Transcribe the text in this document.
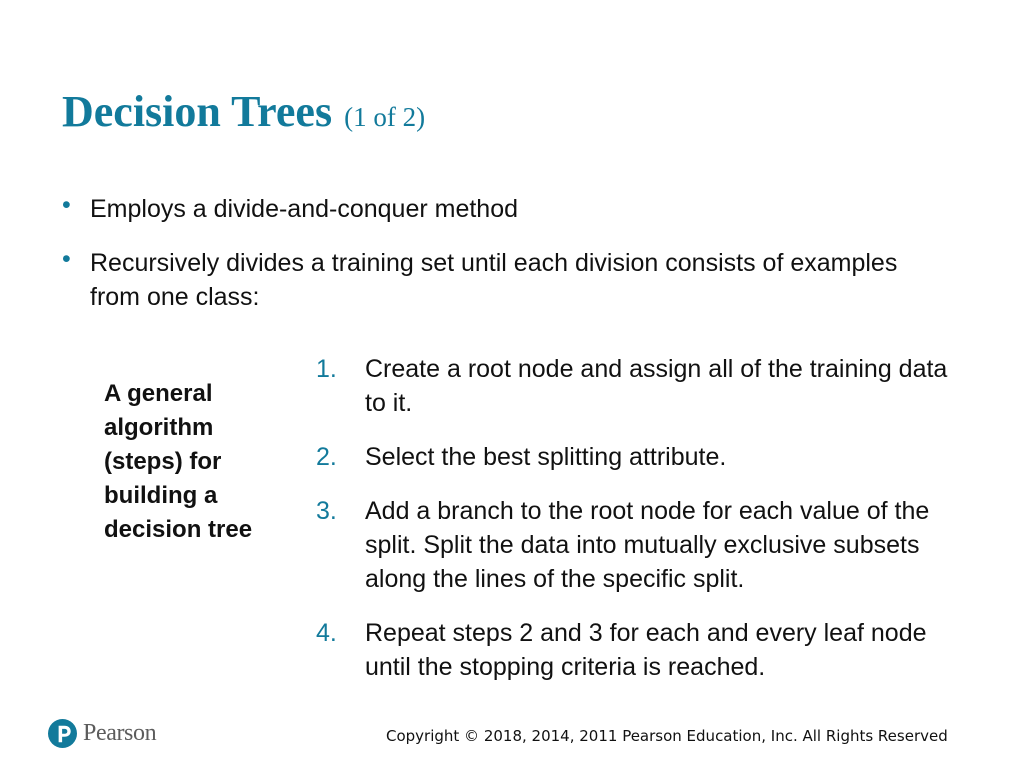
Decision Trees (1 of 2)
• Employs a divide-and-conquer method
• Recursively divides a training set until each division consists of examples from one class:

A general algorithm (steps) for building a decision tree

1. Create a root node and assign all of the training data to it.
2. Select the best splitting attribute.
3. Add a branch to the root node for each value of the split. Split the data into mutually exclusive subsets along the lines of the specific split.
4. Repeat steps 2 and 3 for each and every leaf node until the stopping criteria is reached.
Pearson	Copyright © 2018, 2014, 2011 Pearson Education, Inc. All Rights Reserved
